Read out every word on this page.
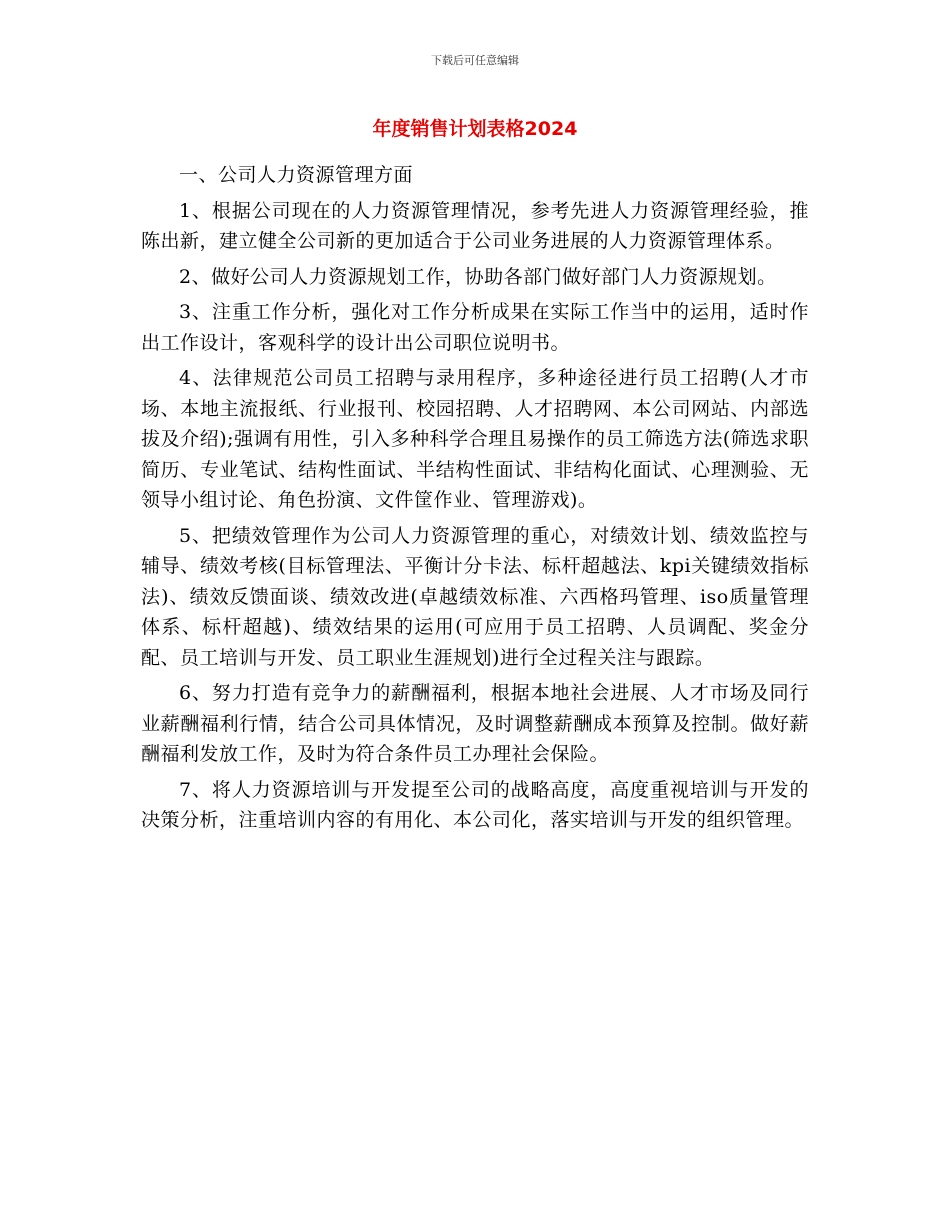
下载后可任意编辑
年度销售计划表格2024

一、公司人力资源管理方面

1、根据公司现在的人力资源管理情况，参考先进人力资源管理经验，推陈出新，建立健全公司新的更加适合于公司业务进展的人力资源管理体系。

2、做好公司人力资源规划工作，协助各部门做好部门人力资源规划。

3、注重工作分析，强化对工作分析成果在实际工作当中的运用，适时作出工作设计，客观科学的设计出公司职位说明书。

4、法律规范公司员工招聘与录用程序，多种途径进行员工招聘(人才市场、本地主流报纸、行业报刊、校园招聘、人才招聘网、本公司网站、内部选拔及介绍);强调有用性，引入多种科学合理且易操作的员工筛选方法(筛选求职简历、专业笔试、结构性面试、半结构性面试、非结构化面试、心理测验、无领导小组讨论、角色扮演、文件筐作业、管理游戏)。

5、把绩效管理作为公司人力资源管理的重心，对绩效计划、绩效监控与辅导、绩效考核(目标管理法、平衡计分卡法、标杆超越法、kpi关键绩效指标法)、绩效反馈面谈、绩效改进(卓越绩效标准、六西格玛管理、iso质量管理体系、标杆超越)、绩效结果的运用(可应用于员工招聘、人员调配、奖金分配、员工培训与开发、员工职业生涯规划)进行全过程关注与跟踪。

6、努力打造有竞争力的薪酬福利，根据本地社会进展、人才市场及同行业薪酬福利行情，结合公司具体情况，及时调整薪酬成本预算及控制。做好薪酬福利发放工作，及时为符合条件员工办理社会保险。

7、将人力资源培训与开发提至公司的战略高度，高度重视培训与开发的决策分析，注重培训内容的有用化、本公司化，落实培训与开发的组织管理。
